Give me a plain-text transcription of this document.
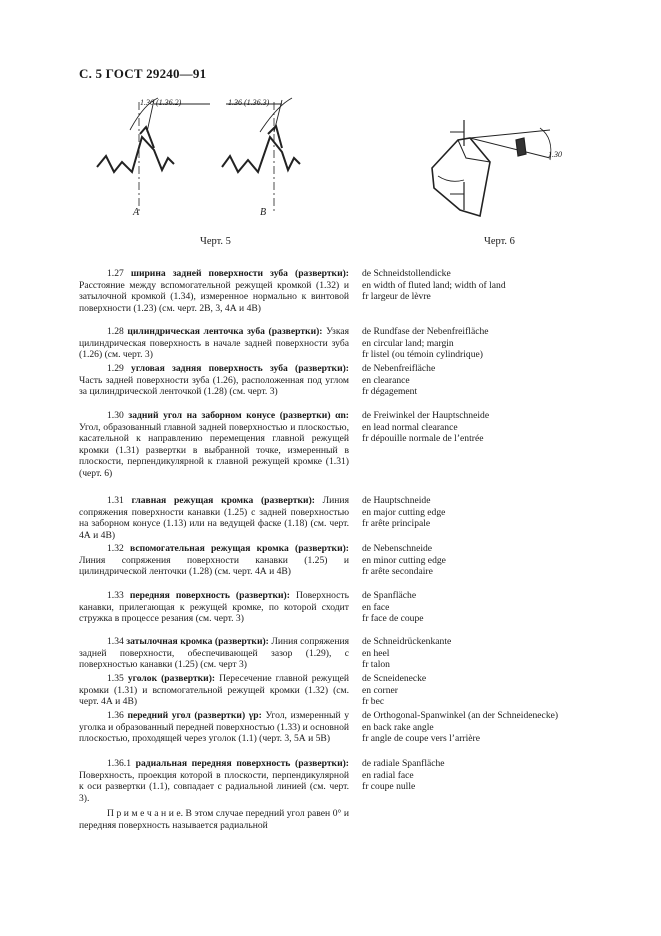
С. 5 ГОСТ 29240—91
1.36 (1.36.2)	1.36 (1.36.3)
А	В
Черт. 5
1.30
Черт. 6

1.27 ширина задней поверхности зуба (развертки): Расстояние между вспомогательной режущей кромкой (1.32) и затылочной кромкой (1.34), измеренное нормально к винтовой поверхности (1.23) (см. черт. 2В, 3, 4А и 4В)

1.28 цилиндрическая ленточка зуба (развертки): Узкая цилиндрическая поверхность в начале задней поверхности зуба (1.26) (см. черт. 3)

1.29 угловая задняя поверхность зуба (развертки): Часть задней поверхности зуба (1.26), расположенная под углом за цилиндрической ленточкой (1.28) (см. черт. 3)

1.30 задний угол на заборном конусе (развертки) αn: Угол, образованный главной задней поверхностью и плоскостью, касательной к направлению перемещения главной режущей кромки (1.31) развертки в выбранной точке, измеренный в плоскости, перпендикулярной к главной режущей кромке (1.31) (черт. 6)

1.31 главная режущая кромка (развертки): Линия сопряжения поверхности канавки (1.25) с задней поверхностью на заборном конусе (1.13) или на ведущей фаске (1.18) (см. черт. 4А и 4В)

1.32 вспомогательная режущая кромка (развертки): Линия сопряжения поверхности канавки (1.25) и цилиндрической ленточки (1.28) (см. черт. 4А и 4В)

1.33 передняя поверхность (развертки): Поверхность канавки, прилегающая к режущей кромке, по которой сходит стружка в процессе резания (см. черт. 3)

1.34 затылочная кромка (развертки): Линия сопряжения задней поверхности, обеспечивающей зазор (1.29), с поверхностью канавки (1.25) (см. черт 3)

1.35 уголок (развертки): Пересечение главной режущей кромки (1.31) и вспомогательной режущей кромки (1.32) (см. черт. 4А и 4В)

1.36 передний угол (развертки) γp: Угол, измеренный у уголка и образованный передней поверхностью (1.33) и основной плоскостью, проходящей через уголок (1.1) (черт. 3, 5А и 5В)

1.36.1 радиальная передняя поверхность (развертки): Поверхность, проекция которой в плоскости, перпендикулярной к оси развертки (1.1), совпадает с радиальной линией (см. черт. 3).

П р и м е ч а н и е. В этом случае передний угол равен 0° и передняя поверхность называется радиальной

de Schneidstollendicke
en width of fluted land; width of land
fr largeur de lèvre
de Rundfase der Nebenfreifläche
en circular land; margin
fr listel (ou témoin cylindrique)
de Nebenfreifläche
en clearance
fr dégagement
de Freiwinkel der Hauptschneide
en lead normal clearance
fr dépouille normale de l’entrée
de Hauptschneide
en major cutting edge
fr arête principale
de Nebenschneide
en minor cutting edge
fr arête secondaire
de Spanfläche
en face
fr face de coupe
de Schneidrückenkante
en heel
fr talon
de Scneidenecke
en corner
fr bec
de Orthogonal-Spanwinkel (an der Schneidenecke)
en back rake angle
fr angle de coupe vers l’arrière
de radiale Spanfläche
en radial face
fr coupe nulle
